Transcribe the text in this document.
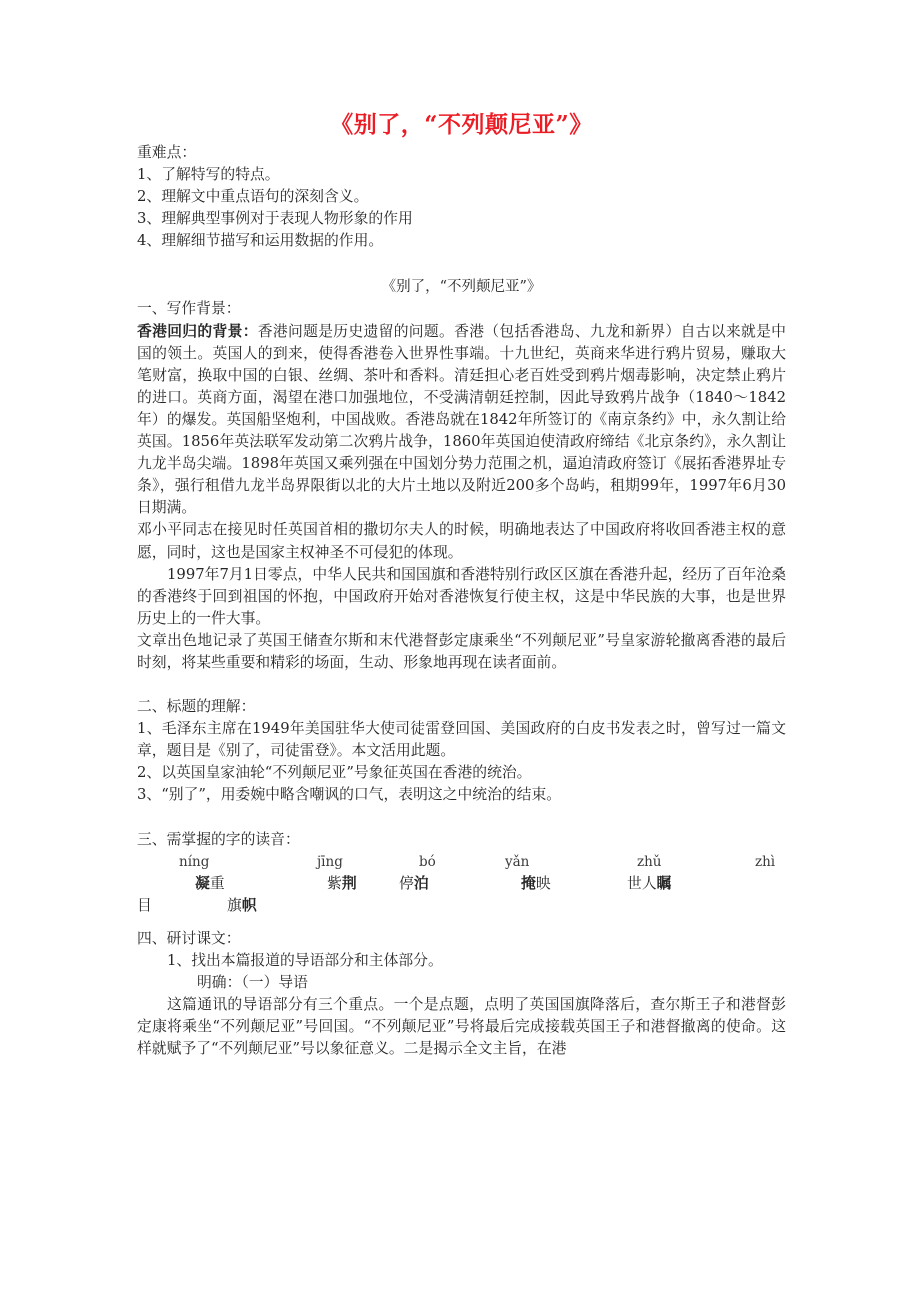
《别了，“不列颠尼亚”》

重难点：

1、了解特写的特点。

2、理解文中重点语句的深刻含义。

3、理解典型事例对于表现人物形象的作用

4、理解细节描写和运用数据的作用。

《别了，“不列颠尼亚”》

一、写作背景：

香港回归的背景：香港问题是历史遗留的问题。香港（包括香港岛、九龙和新界）自古以来就是中国的领土。英国人的到来，使得香港卷入世界性事端。十九世纪，英商来华进行鸦片贸易，赚取大笔财富，换取中国的白银、丝绸、茶叶和香料。清廷担心老百姓受到鸦片烟毒影响，决定禁止鸦片的进口。英商方面，渴望在港口加强地位，不受满清朝廷控制，因此导致鸦片战争（1840～1842年）的爆发。英国船坚炮利，中国战败。香港岛就在1842年所签订的《南京条约》中，永久割让给英国。1856年英法联军发动第二次鸦片战争，1860年英国迫使清政府缔结《北京条约》，永久割让九龙半岛尖端。1898年英国又乘列强在中国划分势力范围之机，逼迫清政府签订《展拓香港界址专条》，强行租借九龙半岛界限街以北的大片土地以及附近200多个岛屿，租期99年，1997年6月30日期满。

邓小平同志在接见时任英国首相的撒切尔夫人的时候，明确地表达了中国政府将收回香港主权的意愿，同时，这也是国家主权神圣不可侵犯的体现。

1997年7月1日零点，中华人民共和国国旗和香港特别行政区区旗在香港升起，经历了百年沧桑的香港终于回到祖国的怀抱，中国政府开始对香港恢复行使主权，这是中华民族的大事，也是世界历史上的一件大事。

文章出色地记录了英国王储查尔斯和末代港督彭定康乘坐“不列颠尼亚”号皇家游轮撤离香港的最后时刻，将某些重要和精彩的场面，生动、形象地再现在读者面前。

二、标题的理解：

1、毛泽东主席在1949年美国驻华大使司徒雷登回国、美国政府的白皮书发表之时，曾写过一篇文章，题目是《别了，司徒雷登》。本文活用此题。

2、以英国皇家油轮“不列颠尼亚”号象征英国在香港的统治。

3、“别了”，用委婉中略含嘲讽的口气，表明这之中统治的结束。

三、需掌握的字的读音：

níng	jīng	bó	yǎn	zhǔ	zhì
凝重	紫荆	停泊	掩映	世人瞩
目	旗帜

四、研讨课文：

1、找出本篇报道的导语部分和主体部分。

明确：（一）导语

这篇通讯的导语部分有三个重点。一个是点题，点明了英国国旗降落后，查尔斯王子和港督彭定康将乘坐“不列颠尼亚”号回国。“不列颠尼亚”号将最后完成接载英国王子和港督撤离的使命。这样就赋予了“不列颠尼亚”号以象征意义。二是揭示全文主旨，在港
